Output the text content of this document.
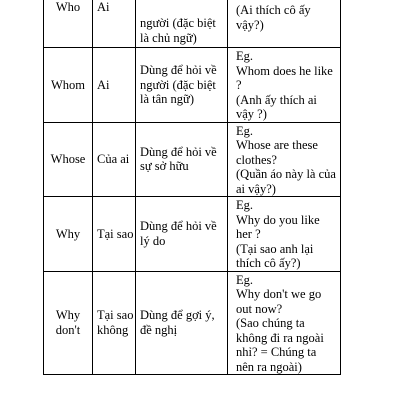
Who	Ai	người (đặc biệt là chủ ngữ)	(Ai thích cô ấy vậy?)

Whom	Ai	Dùng để hỏi về người (đặc biệt là tân ngữ)	Eg.
Whom does he like ?
(Anh ấy thích ai vậy ?)

Whose	Của ai	Dùng để hỏi về sự sở hữu	Eg.
Whose are these clothes?
(Quần áo này là của ai vậy?)

Why	Tại sao	Dùng để hỏi về lý do	Eg.
Why do you like her ?
(Tại sao anh lại thích cô ấy?)

Why don't	Tại sao không	Dùng để gợi ý, đề nghị	Eg.
Why don't we go out now?
(Sao chúng ta không đi ra ngoài nhỉ? = Chúng ta nên ra ngoài)
